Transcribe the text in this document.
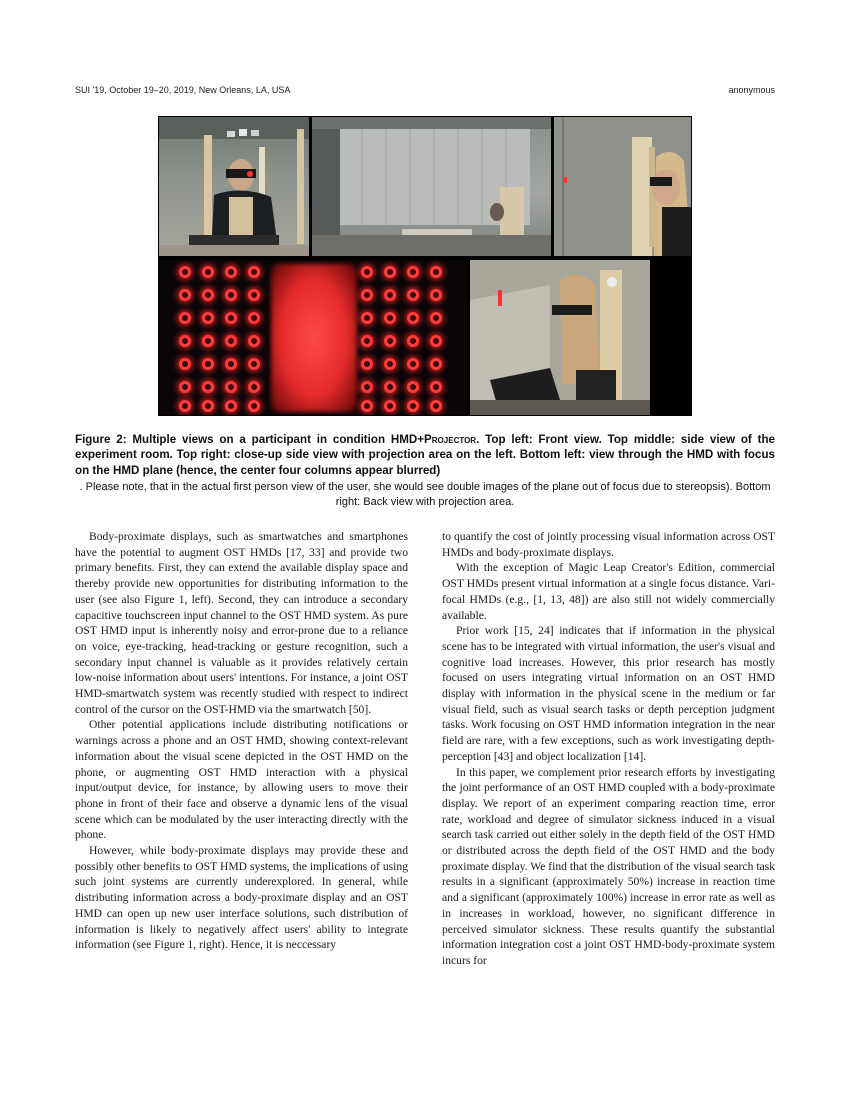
SUI '19, October 19–20, 2019, New Orleans, LA, USA	anonymous
Figure 2: Multiple views on a participant in condition HMD+Projector. Top left: Front view. Top middle: side view of the experiment room. Top right: close-up side view with projection area on the left. Bottom left: view through the HMD with focus on the HMD plane (hence, the center four columns appear blurred)
. Please note, that in the actual first person view of the user, she would see double images of the plane out of focus due to stereopsis). Bottom right: Back view with projection area.

Body-proximate displays, such as smartwatches and smartphones have the potential to augment OST HMDs [17, 33] and provide two primary benefits. First, they can extend the available display space and thereby provide new opportunities for distributing information to the user (see also Figure 1, left). Second, they can introduce a secondary capacitive touchscreen input channel to the OST HMD system. As pure OST HMD input is inherently noisy and error-prone due to a reliance on voice, eye-tracking, head-tracking or gesture recognition, such a secondary input channel is valuable as it provides relatively certain low-noise information about users' intentions. For instance, a joint OST HMD-smartwatch system was recently studied with respect to indirect control of the cursor on the OST-HMD via the smartwatch [50].

Other potential applications include distributing notifications or warnings across a phone and an OST HMD, showing context-relevant information about the visual scene depicted in the OST HMD on the phone, or augmenting OST HMD interaction with a physical input/output device, for instance, by allowing users to move their phone in front of their face and observe a dynamic lens of the visual scene which can be modulated by the user interacting directly with the phone.

However, while body-proximate displays may provide these and possibly other benefits to OST HMD systems, the implications of using such joint systems are currently underexplored. In general, while distributing information across a body-proximate display and an OST HMD can open up new user interface solutions, such distribution of information is likely to negatively affect users' ability to integrate information (see Figure 1, right). Hence, it is neccessary

to quantify the cost of jointly processing visual information across OST HMDs and body-proximate displays.

With the exception of Magic Leap Creator's Edition, commercial OST HMDs present virtual information at a single focus distance. Vari-focal HMDs (e.g., [1, 13, 48]) are also still not widely commercially available.

Prior work [15, 24] indicates that if information in the physical scene has to be integrated with virtual information, the user's visual and cognitive load increases. However, this prior research has mostly focused on users integrating virtual information on an OST HMD display with information in the physical scene in the medium or far visual field, such as visual search tasks or depth perception judgment tasks. Work focusing on OST HMD information integration in the near field are rare, with a few exceptions, such as work investigating depth-perception [43] and object localization [14].

In this paper, we complement prior research efforts by investigating the joint performance of an OST HMD coupled with a body-proximate display. We report of an experiment comparing reaction time, error rate, workload and degree of simulator sickness induced in a visual search task carried out either solely in the depth field of the OST HMD or distributed across the depth field of the OST HMD and the body proximate display. We find that the distribution of the visual search task results in a significant (approximately 50%) increase in reaction time and a significant (approximately 100%) increase in error rate as well as in increases in workload, however, no significant difference in perceived simulator sickness. These results quantify the substantial information integration cost a joint OST HMD-body-proximate system incurs for
